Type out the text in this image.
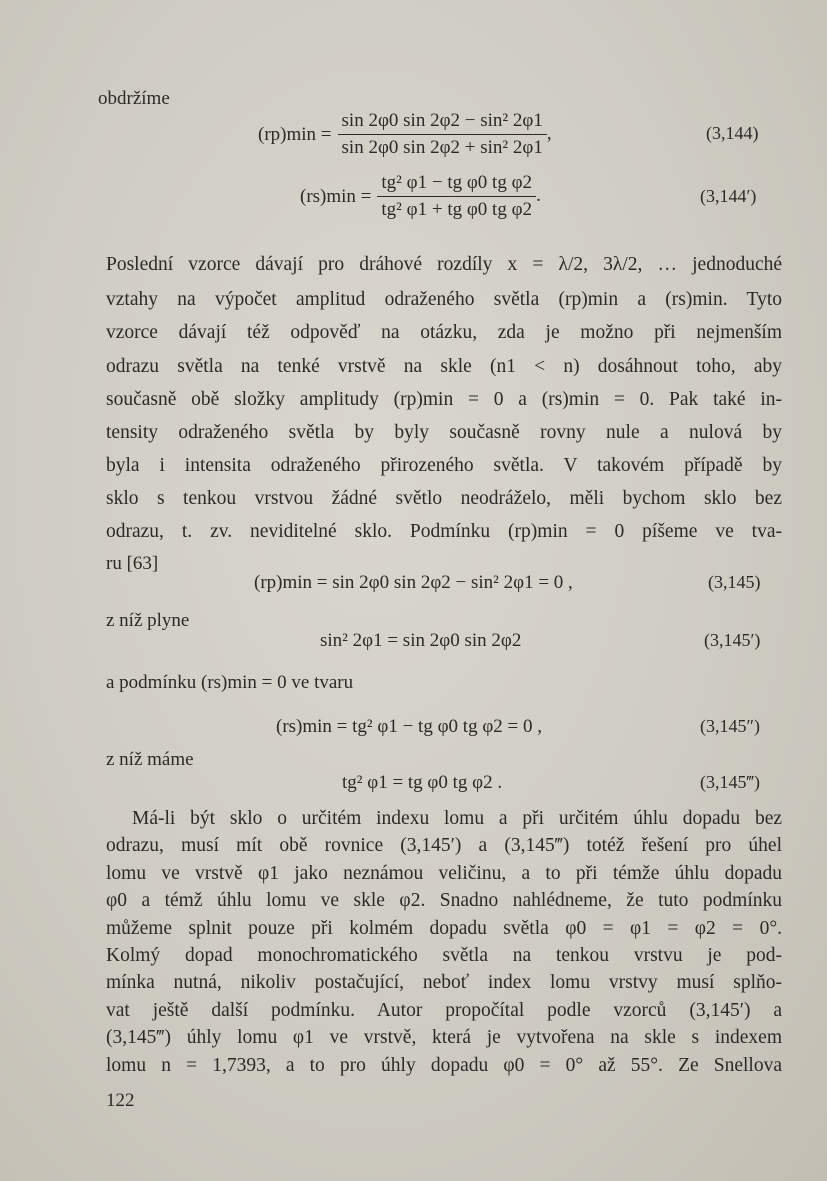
obdržíme
$(rp)\min = \frac{\text{sin 2φ0 sin 2φ2 − sin² 2φ1}}{\text{sin 2φ0 sin 2φ2 + sin² 2φ1}}$ ,	(3,144)
$(rs)\min = \frac{\text{tg² φ1 − tg φ0 tg φ2}}{\text{tg² φ1 + tg φ0 tg φ2}}$ .	(3,144′)
Poslední vzorce dávají pro dráhové rozdíly x = λ/2, 3λ/2, … jednoduché
vztahy na výpočet amplitud odraženého světla (rp)min a (rs)min. Tyto
vzorce dávají též odpověď na otázku, zda je možno při nejmenším
odrazu světla na tenké vrstvě na skle (n1 < n) dosáhnout toho, aby
současně obě složky amplitudy (rp)min = 0 a (rs)min = 0. Pak také in-
tensity odraženého světla by byly současně rovny nule a nulová by
byla i intensita odraženého přirozeného světla. V takovém případě by
sklo s tenkou vrstvou žádné světlo neodráželo, měli bychom sklo bez
odrazu, t. zv. neviditelné sklo. Podmínku (rp)min = 0 píšeme ve tva-
ru [63]
(rp)min = sin 2φ0 sin 2φ2 − sin² 2φ1 = 0 ,	(3,145)
z níž plyne
sin² 2φ1 = sin 2φ0 sin 2φ2	(3,145′)
a podmínku (rs)min = 0 ve tvaru
(rs)min = tg² φ1 − tg φ0 tg φ2 = 0 ,	(3,145″)
z níž máme
tg² φ1 = tg φ0 tg φ2 .	(3,145‴)
Má-li být sklo o určitém indexu lomu a při určitém úhlu dopadu bez
odrazu, musí mít obě rovnice (3,145′) a (3,145‴) totéž řešení pro úhel
lomu ve vrstvě φ1 jako neznámou veličinu, a to při témže úhlu dopadu
φ0 a témž úhlu lomu ve skle φ2. Snadno nahlédneme, že tuto podmínku
můžeme splnit pouze při kolmém dopadu světla φ0 = φ1 = φ2 = 0°.
Kolmý dopad monochromatického světla na tenkou vrstvu je pod-
mínka nutná, nikoliv postačující, neboť index lomu vrstvy musí splňo-
vat ještě další podmínku. Autor propočítal podle vzorců (3,145′) a
(3,145‴) úhly lomu φ1 ve vrstvě, která je vytvořena na skle s indexem
lomu n = 1,7393, a to pro úhly dopadu φ0 = 0° až 55°. Ze Snellova
122
